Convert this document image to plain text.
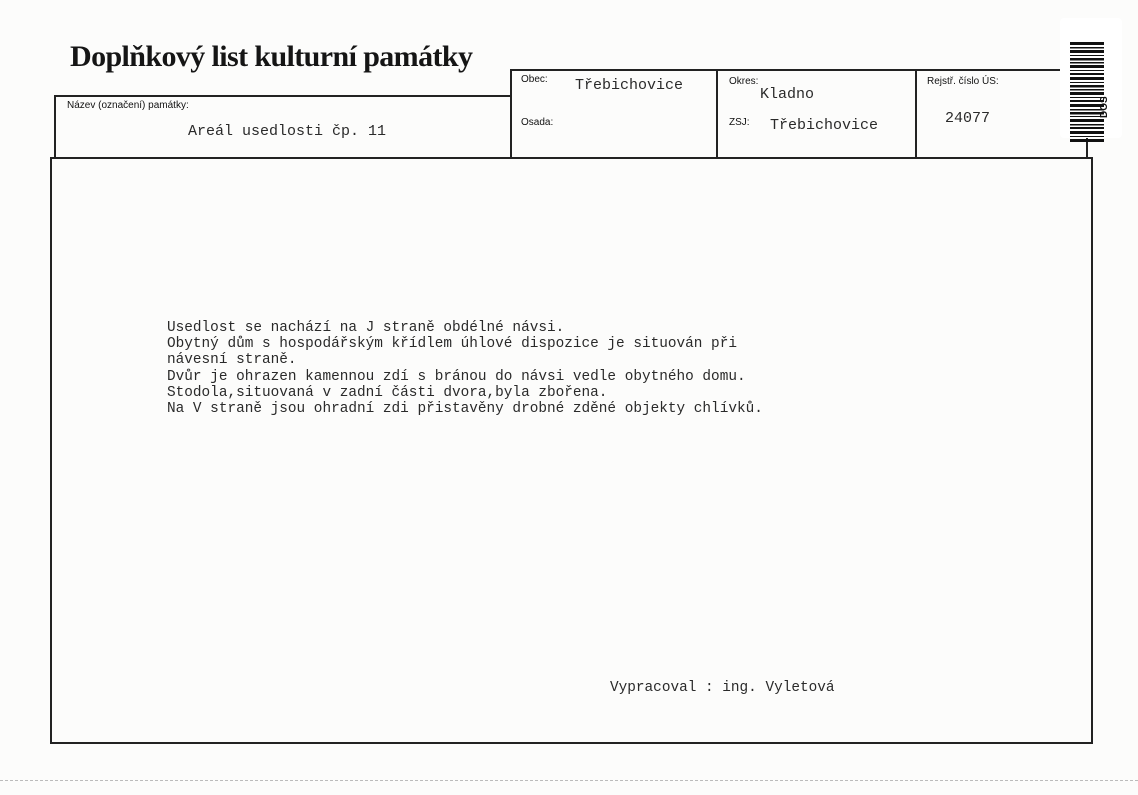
Doplňkový list kulturní památky
Název (označení) památky:
Areál usedlosti čp. 11
Obec: Třebichovice
Osada:
Okres:
Kladno
ZSJ: Třebichovice
Rejstř. číslo ÚS:
24077
Usedlost se nachází na J straně obdélné návsi.
Obytný dům s hospodářským křídlem úhlové dispozice je situován při
návesní straně.
Dvůr je ohrazen kamennou zdí s bránou do návsi vedle obytného domu.
Stodola,situovaná v zadní části dvora,byla zbořena.
Na V straně jsou ohradní zdi přistavěny drobné zděné objekty chlívků.
Vypracoval : ing. Vyletová
DOS
